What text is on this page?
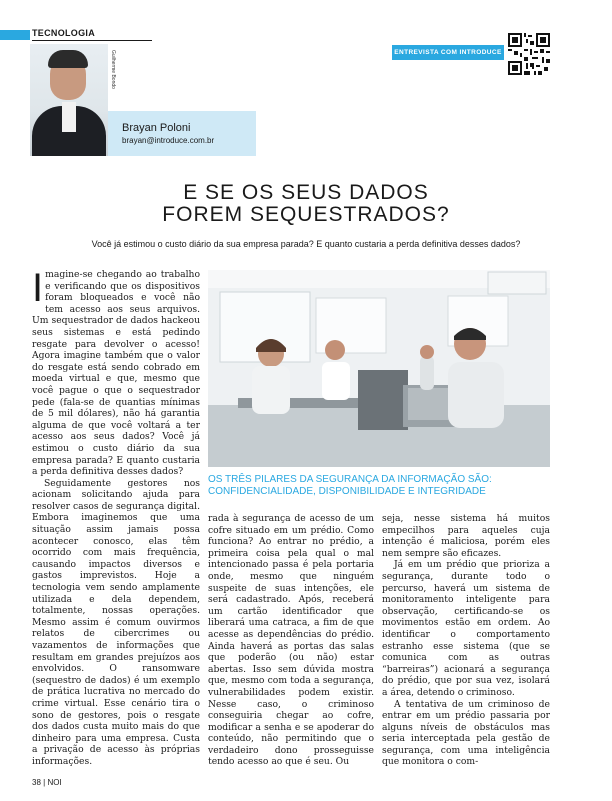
TECNOLOGIA
Guilherme Bondo
Brayan Poloni
brayan@introduce.com.br
ENTREVISTA COM INTRODUCE
E SE OS SEUS DADOS
FOREM SEQUESTRADOS?
Você já estimou o custo diário da sua empresa parada? E quanto custaria a perda definitiva desses dados?

Imagine-se chegando ao trabalho e verificando que os dispositivos foram bloqueados e você não tem acesso aos seus arquivos. Um sequestrador de dados hackeou seus sistemas e está pedindo resgate para devolver o acesso! Agora imagine também que o valor do resgate está sendo cobrado em moeda virtual e que, mesmo que você pague o que o sequestrador pede (fala-se de quantias mínimas de 5 mil dólares), não há garantia alguma de que você voltará a ter acesso aos seus dados? Você já estimou o custo diário da sua empresa parada? E quanto custaria a perda definitiva desses dados?

Seguidamente gestores nos acionam solicitando ajuda para resolver casos de segurança digital. Embora imaginemos que uma situação assim jamais possa acontecer conosco, elas têm ocorrido com mais frequência, causando impactos diversos e gastos imprevistos. Hoje a tecnologia vem sendo amplamente utilizada e dela dependem, totalmente, nossas operações. Mesmo assim é comum ouvirmos relatos de cibercrimes ou vazamentos de informações que resultam em grandes prejuízos aos envolvidos. O ransomware (sequestro de dados) é um exemplo de prática lucrativa no mercado do crime virtual. Esse cenário tira o sono de gestores, pois o resgate dos dados custa muito mais do que dinheiro para uma empresa. Custa a privação de acesso às próprias informações.

OS TRÊS PILARES DA SEGURANÇA DA INFORMAÇÃO SÃO: CONFIDENCIALIDADE, DISPONIBILIDADE E INTEGRIDADE

rada à segurança de acesso de um cofre situado em um prédio. Como funciona? Ao entrar no prédio, a primeira coisa pela qual o mal intencionado passa é pela portaria onde, mesmo que ninguém suspeite de suas intenções, ele será cadastrado. Após, receberá um cartão identificador que liberará uma catraca, a fim de que acesse as dependências do prédio. Ainda haverá as portas das salas que poderão (ou não) estar abertas. Isso sem dúvida mostra que, mesmo com toda a segurança, vulnerabilidades podem existir. Nesse caso, o criminoso conseguiria chegar ao cofre, modificar a senha e se apoderar do conteúdo, não permitindo que o verdadeiro dono prosseguisse tendo acesso ao que é seu. Ou

seja, nesse sistema há muitos empecilhos para aqueles cuja intenção é maliciosa, porém eles nem sempre são eficazes.

Já em um prédio que prioriza a segurança, durante todo o percurso, haverá um sistema de monitoramento inteligente para observação, certificando-se os movimentos estão em ordem. Ao identificar o comportamento estranho esse sistema (que se comunica com as outras “barreiras”) acionará a segurança do prédio, que por sua vez, isolará a área, detendo o criminoso.

A tentativa de um criminoso de entrar em um prédio passaria por alguns níveis de obstáculos mas seria interceptada pela gestão de segurança, com uma inteligência que monitora o com-

38 | NOI
